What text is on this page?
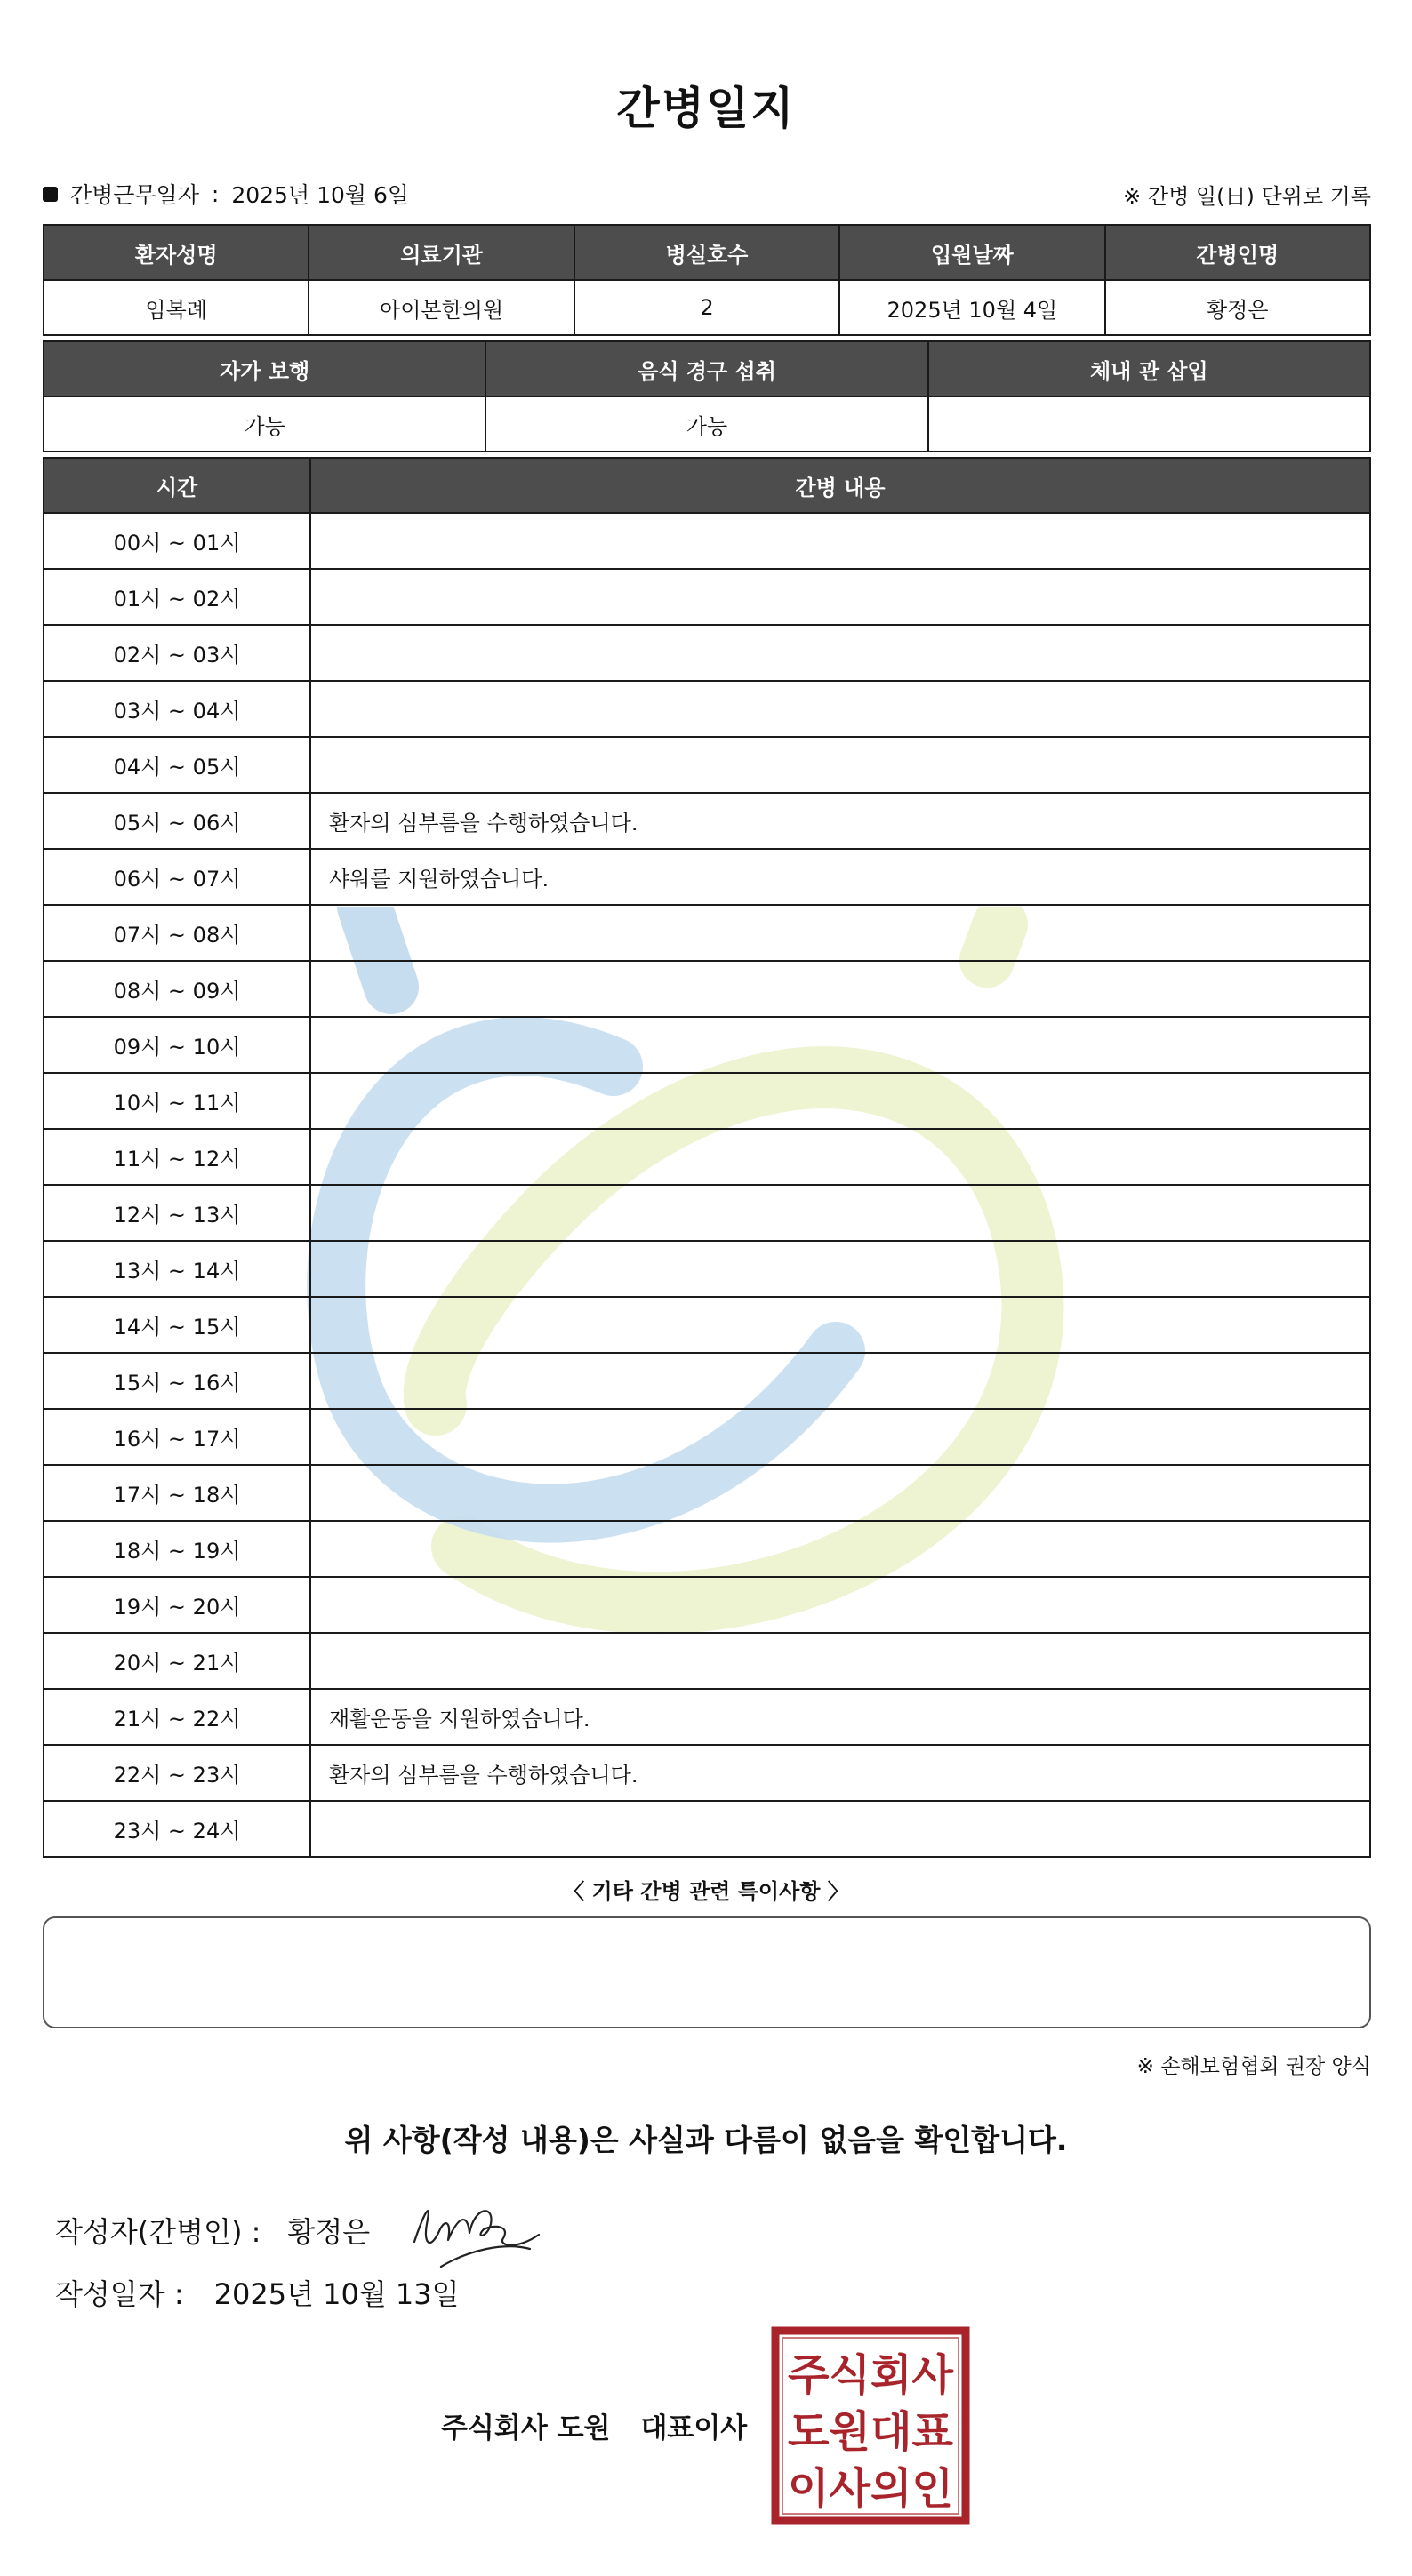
간병일지
간병근무일자 : 2025년 10월 6일	※ 간병 일(日) 단위로 기록
환자성명	의료기관	병실호수	입원날짜	간병인명
임복례	아이본한의원	2	2025년 10월 4일	황정은
자가 보행	음식 경구 섭취	체내 관 삽입
가능	가능	
시간	간병 내용
00시 ~ 01시	
01시 ~ 02시	
02시 ~ 03시	
03시 ~ 04시	
04시 ~ 05시	
05시 ~ 06시	환자의 심부름을 수행하였습니다.
06시 ~ 07시	샤워를 지원하였습니다.
07시 ~ 08시	
08시 ~ 09시	
09시 ~ 10시	
10시 ~ 11시	
11시 ~ 12시	
12시 ~ 13시	
13시 ~ 14시	
14시 ~ 15시	
15시 ~ 16시	
16시 ~ 17시	
17시 ~ 18시	
18시 ~ 19시	
19시 ~ 20시	
20시 ~ 21시	
21시 ~ 22시	재활운동을 지원하였습니다.
22시 ~ 23시	환자의 심부름을 수행하였습니다.
23시 ~ 24시	
〈 기타 간병 관련 특이사항 〉
※ 손해보험협회 권장 양식
위 사항(작성 내용)은 사실과 다름이 없음을 확인합니다.
작성자(간병인) : 황정은
작성일자 : 2025년 10월 13일
주식회사 도원 대표이사
주식회사
도원대표
이사의인
